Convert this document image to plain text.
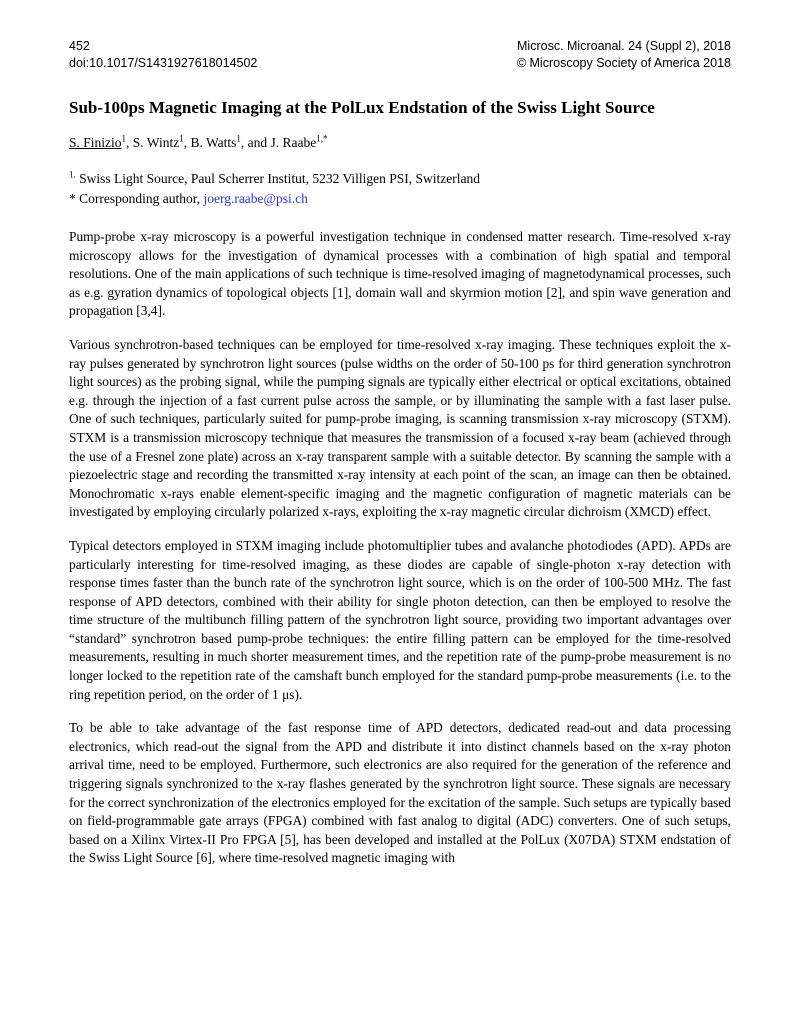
452	Microsc. Microanal. 24 (Suppl 2), 2018
doi:10.1017/S1431927618014502	© Microscopy Society of America 2018
Sub-100ps Magnetic Imaging at the PolLux Endstation of the Swiss Light Source
S. Finizio$^1$, S. Wintz$^1$, B. Watts$^1$, and J. Raabe$^{1,*}$
$^{1.}$ Swiss Light Source, Paul Scherrer Institut, 5232 Villigen PSI, Switzerland
* Corresponding author, joerg.raabe@psi.ch

Pump-probe x-ray microscopy is a powerful investigation technique in condensed matter research. Time-resolved x-ray microscopy allows for the investigation of dynamical processes with a combination of high spatial and temporal resolutions. One of the main applications of such technique is time-resolved imaging of magnetodynamical processes, such as e.g. gyration dynamics of topological objects [1], domain wall and skyrmion motion [2], and spin wave generation and propagation [3,4].

Various synchrotron-based techniques can be employed for time-resolved x-ray imaging. These techniques exploit the x-ray pulses generated by synchrotron light sources (pulse widths on the order of 50-100 ps for third generation synchrotron light sources) as the probing signal, while the pumping signals are typically either electrical or optical excitations, obtained e.g. through the injection of a fast current pulse across the sample, or by illuminating the sample with a fast laser pulse. One of such techniques, particularly suited for pump-probe imaging, is scanning transmission x-ray microscopy (STXM). STXM is a transmission microscopy technique that measures the transmission of a focused x-ray beam (achieved through the use of a Fresnel zone plate) across an x-ray transparent sample with a suitable detector. By scanning the sample with a piezoelectric stage and recording the transmitted x-ray intensity at each point of the scan, an image can then be obtained. Monochromatic x-rays enable element-specific imaging and the magnetic configuration of magnetic materials can be investigated by employing circularly polarized x-rays, exploiting the x-ray magnetic circular dichroism (XMCD) effect.

Typical detectors employed in STXM imaging include photomultiplier tubes and avalanche photodiodes (APD). APDs are particularly interesting for time-resolved imaging, as these diodes are capable of single-photon x-ray detection with response times faster than the bunch rate of the synchrotron light source, which is on the order of 100-500 MHz. The fast response of APD detectors, combined with their ability for single photon detection, can then be employed to resolve the time structure of the multibunch filling pattern of the synchrotron light source, providing two important advantages over “standard” synchrotron based pump-probe techniques: the entire filling pattern can be employed for the time-resolved measurements, resulting in much shorter measurement times, and the repetition rate of the pump-probe measurement is no longer locked to the repetition rate of the camshaft bunch employed for the standard pump-probe measurements (i.e. to the ring repetition period, on the order of 1 μs).

To be able to take advantage of the fast response time of APD detectors, dedicated read-out and data processing electronics, which read-out the signal from the APD and distribute it into distinct channels based on the x-ray photon arrival time, need to be employed. Furthermore, such electronics are also required for the generation of the reference and triggering signals synchronized to the x-ray flashes generated by the synchrotron light source. These signals are necessary for the correct synchronization of the electronics employed for the excitation of the sample. Such setups are typically based on field-programmable gate arrays (FPGA) combined with fast analog to digital (ADC) converters. One of such setups, based on a Xilinx Virtex-II Pro FPGA [5], has been developed and installed at the PolLux (X07DA) STXM endstation of the Swiss Light Source [6], where time-resolved magnetic imaging with
